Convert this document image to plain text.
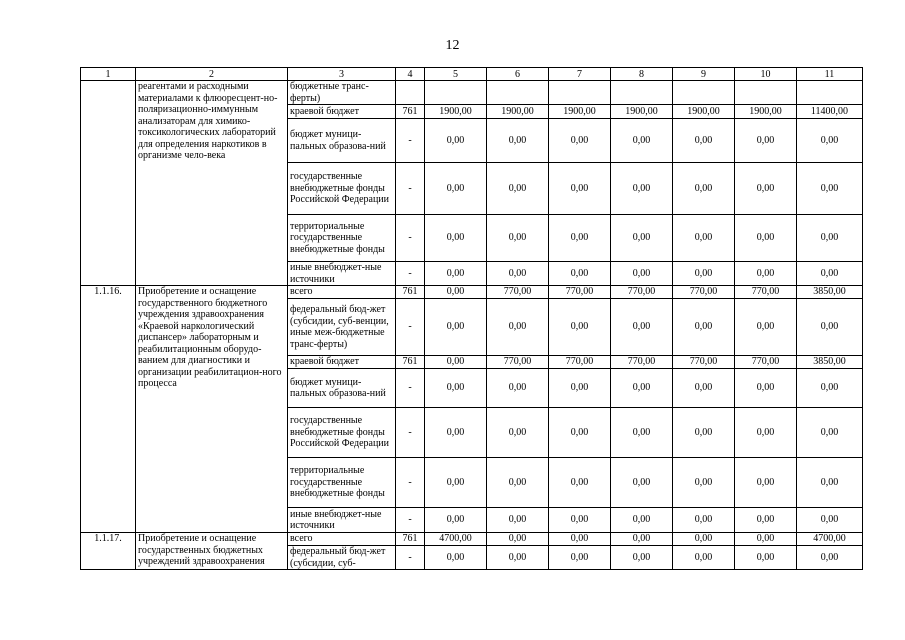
12
1	2	3	4	5	6	7	8	9	10	11
	реагентами и расходными материалами к флюоресцент-но-поляризационно-иммунным анализаторам для химико-токсикологических лабораторий для определения наркотиков в организме чело-века	бюджетные транс-ферты)								
		краевой бюджет	761	1900,00	1900,00	1900,00	1900,00	1900,00	1900,00	11400,00
		бюджет муници-пальных образова-ний	-	0,00	0,00	0,00	0,00	0,00	0,00	0,00
		государственные внебюджетные фонды Российской Федерации	-	0,00	0,00	0,00	0,00	0,00	0,00	0,00
		территориальные государственные внебюджетные фонды	-	0,00	0,00	0,00	0,00	0,00	0,00	0,00
		иные внебюджет-ные источники	-	0,00	0,00	0,00	0,00	0,00	0,00	0,00
1.1.16.	Приобретение и оснащение государственного бюджетного учреждения здравоохранения «Краевой наркологический диспансер» лабораторным и реабилитационным оборудо-ванием для диагностики и организации реабилитацион-ного процесса	всего	761	0,00	770,00	770,00	770,00	770,00	770,00	3850,00
		федеральный бюд-жет (субсидии, суб-венции, иные меж-бюджетные транс-ферты)	-	0,00	0,00	0,00	0,00	0,00	0,00	0,00
		краевой бюджет	761	0,00	770,00	770,00	770,00	770,00	770,00	3850,00
		бюджет муници-пальных образова-ний	-	0,00	0,00	0,00	0,00	0,00	0,00	0,00
		государственные внебюджетные фонды Российской Федерации	-	0,00	0,00	0,00	0,00	0,00	0,00	0,00
		территориальные государственные внебюджетные фонды	-	0,00	0,00	0,00	0,00	0,00	0,00	0,00
		иные внебюджет-ные источники	-	0,00	0,00	0,00	0,00	0,00	0,00	0,00
1.1.17.	Приобретение и оснащение государственных бюджетных учреждений здравоохранения	всего	761	4700,00	0,00	0,00	0,00	0,00	0,00	4700,00
		федеральный бюд-жет (субсидии, суб-	-	0,00	0,00	0,00	0,00	0,00	0,00	0,00
